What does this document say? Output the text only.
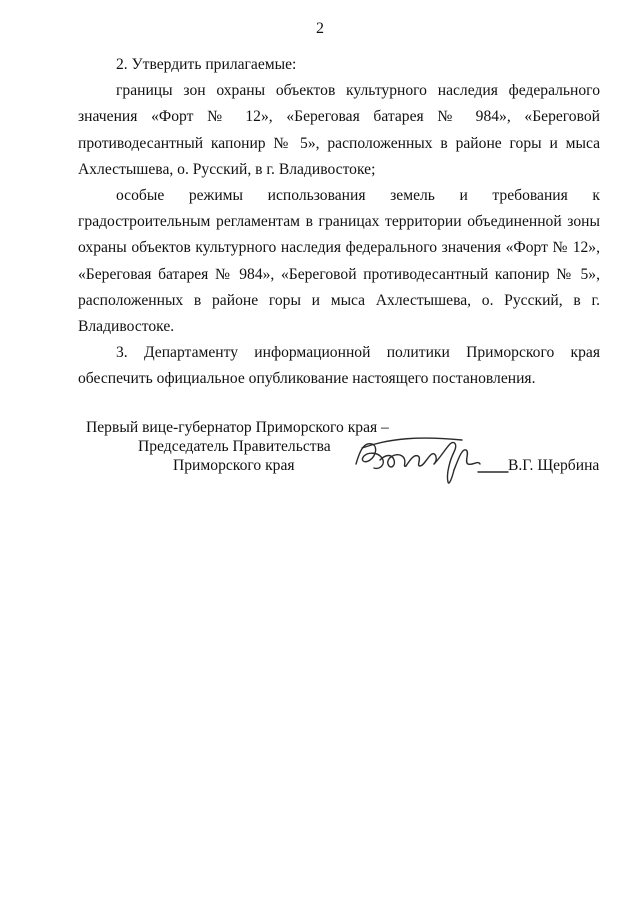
2

2. Утвердить прилагаемые:

границы зон охраны объектов культурного наследия федерального значения «Форт № 12», «Береговая батарея № 984», «Береговой противодесантный капонир № 5», расположенных в районе горы и мыса Ахлестышева, о. Русский, в г. Владивостоке;

особые режимы использования земель и требования к градостроительным регламентам в границах территории объединенной зоны охраны объектов культурного наследия федерального значения «Форт № 12», «Береговая батарея № 984», «Береговой противодесантный капонир № 5», расположенных в районе горы и мыса Ахлестышева, о. Русский, в г. Владивостоке.

3. Департаменту информационной политики Приморского края обеспечить официальное опубликование настоящего постановления.

Первый вице-губернатор Приморского края –
Председатель Правительства
Приморского края	В.Г. Щербина
